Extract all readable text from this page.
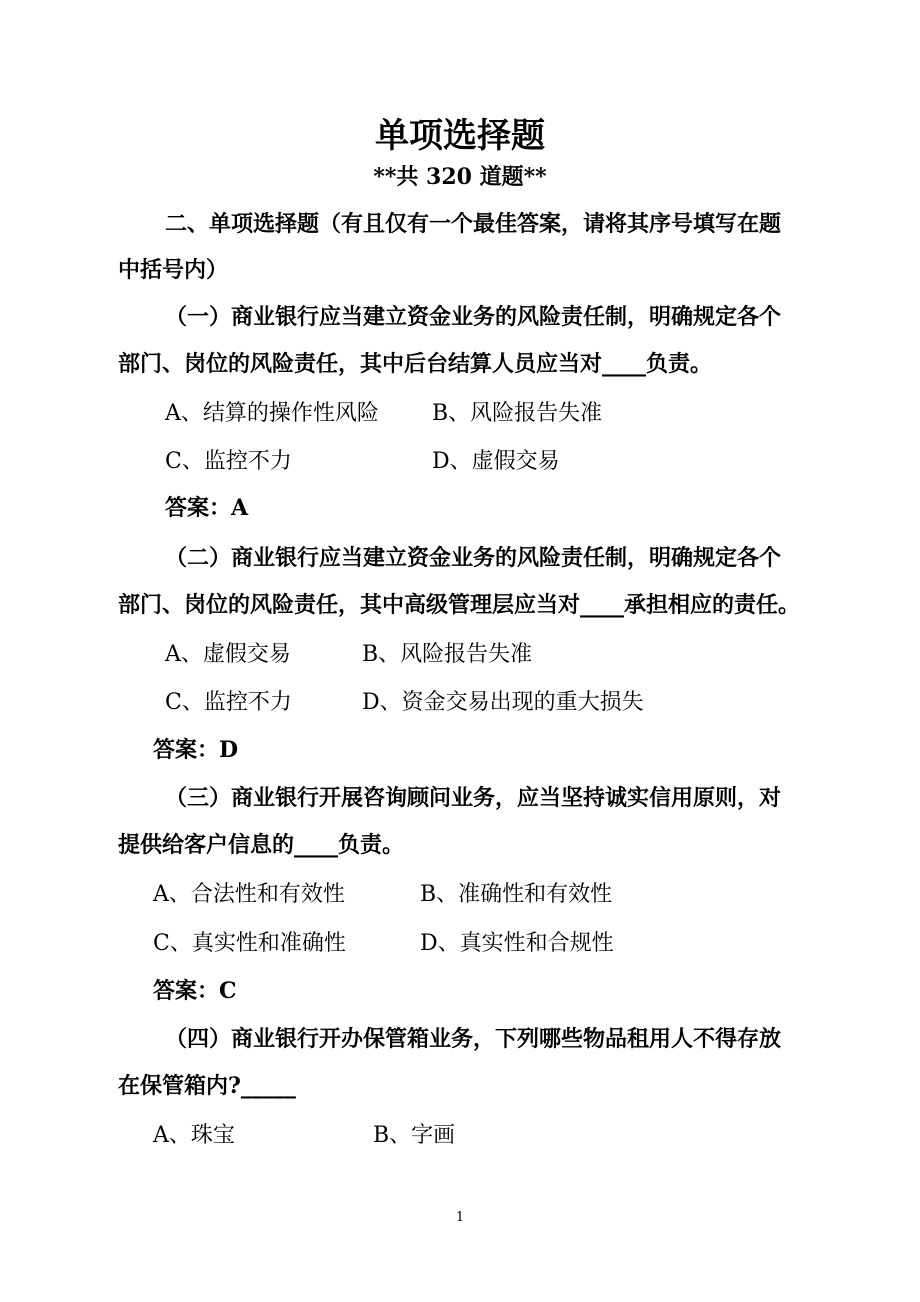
单项选择题
**共 320 道题**
二、单项选择题（有且仅有一个最佳答案，请将其序号填写在题
中括号内）
（一）商业银行应当建立资金业务的风险责任制，明确规定各个
部门、岗位的风险责任，其中后台结算人员应当对____负责。
A、结算的操作性风险 B、风险报告失准
C、监控不力	D、虚假交易
答案：A
（二）商业银行应当建立资金业务的风险责任制，明确规定各个
部门、岗位的风险责任，其中高级管理层应当对____承担相应的责任。
A、虚假交易	B、风险报告失准
C、监控不力	D、资金交易出现的重大损失
答案：D
（三）商业银行开展咨询顾问业务，应当坚持诚实信用原则，对
提供给客户信息的____负责。
A、合法性和有效性	B、准确性和有效性
C、真实性和准确性	D、真实性和合规性
答案：C
（四）商业银行开办保管箱业务，下列哪些物品租用人不得存放
在保管箱内?_____
A、珠宝	B、字画
1
